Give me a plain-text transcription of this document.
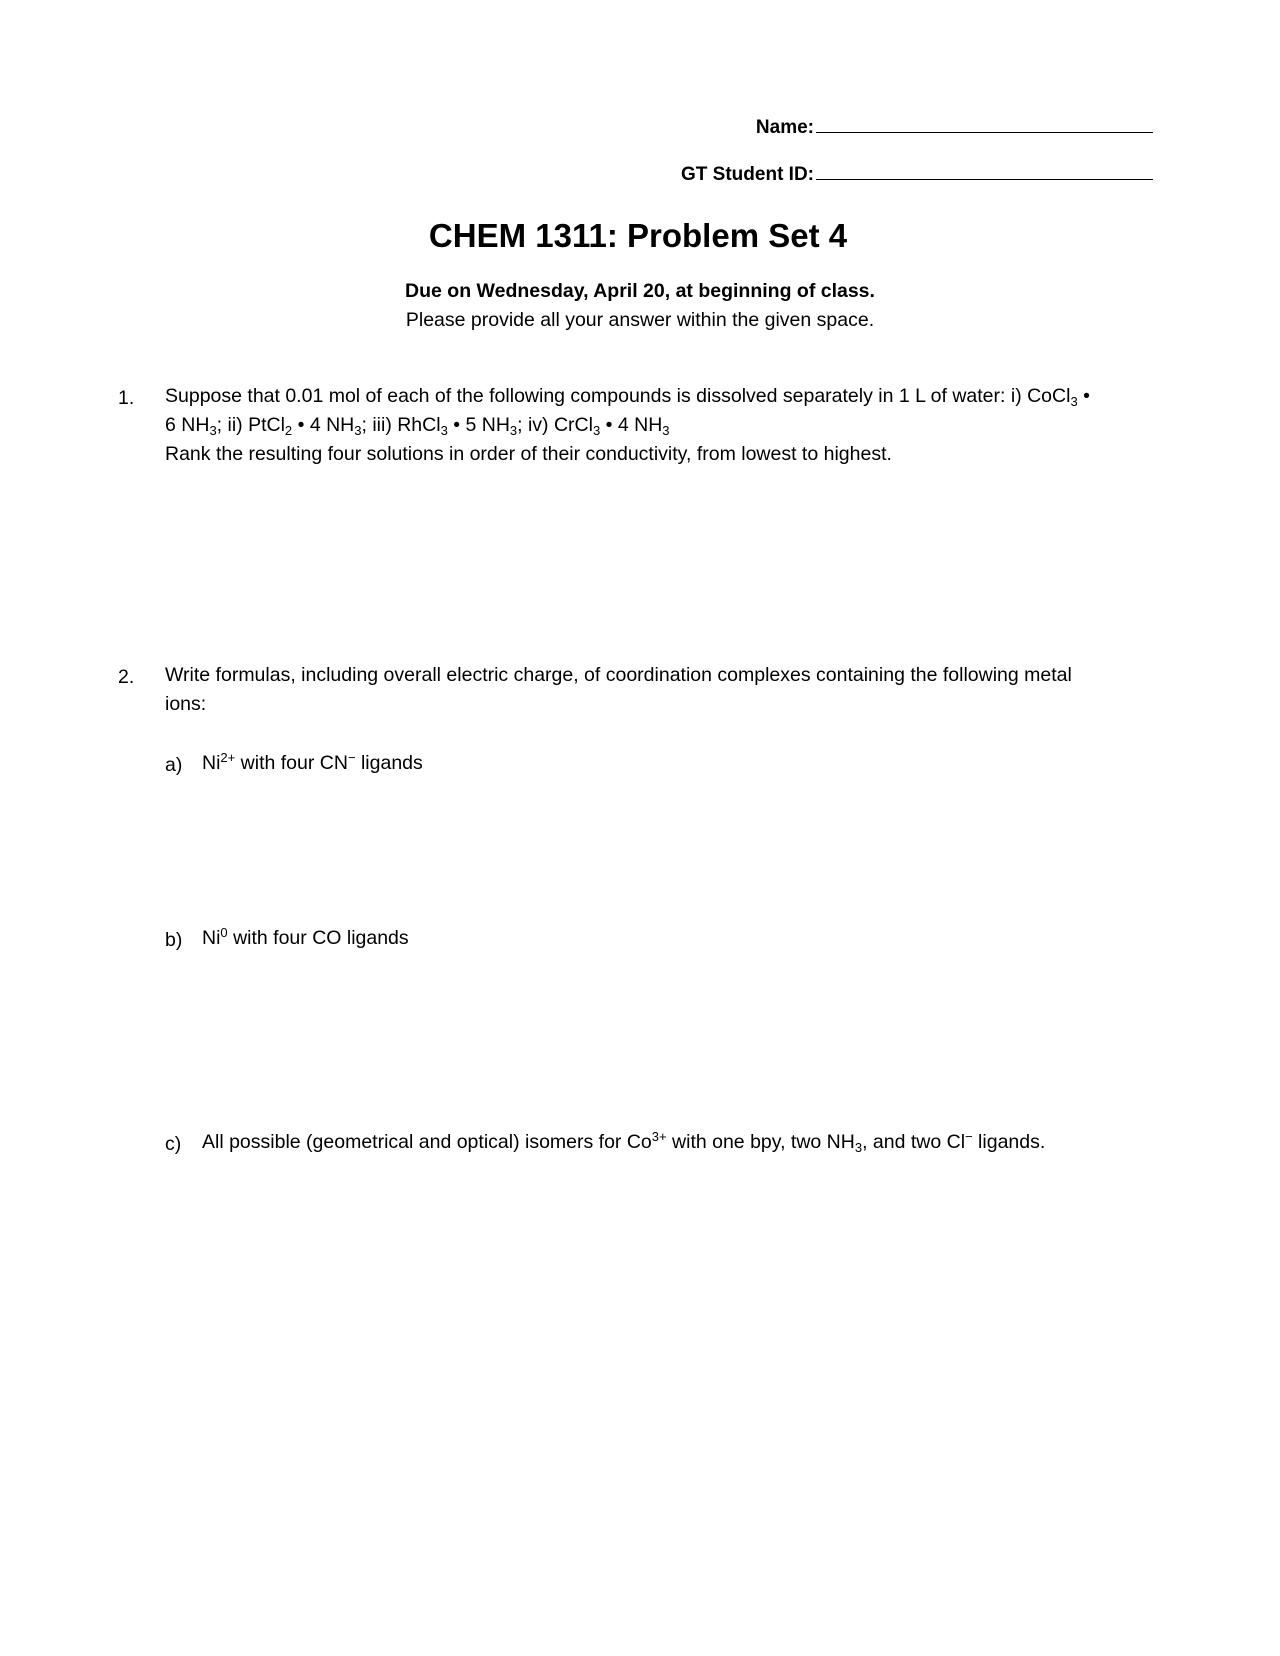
Name:
GT Student ID:
CHEM 1311: Problem Set 4
Due on Wednesday, April 20, at beginning of class.
Please provide all your answer within the given space.
1. Suppose that 0.01 mol of each of the following compounds is dissolved separately in 1 L of water: i) CoCl$_3$ •
6 $NH_3$; ii) PtCl$_2$ • 4 $NH_3$; iii) RhCl$_3$ • 5 $NH_3$; iv) CrCl$_3$ • 4 $NH_3$
Rank the resulting four solutions in order of their conductivity, from lowest to highest.
2. Write formulas, including overall electric charge, of coordination complexes containing the following metal
ions:
a) $Ni^{2+}$ with four CN− ligands
b) Ni$^0$ with four CO ligands
c) All possible (geometrical and optical) isomers for $Co^{3+}$ with one bpy, two $NH_3$, and two Cl− ligands.
